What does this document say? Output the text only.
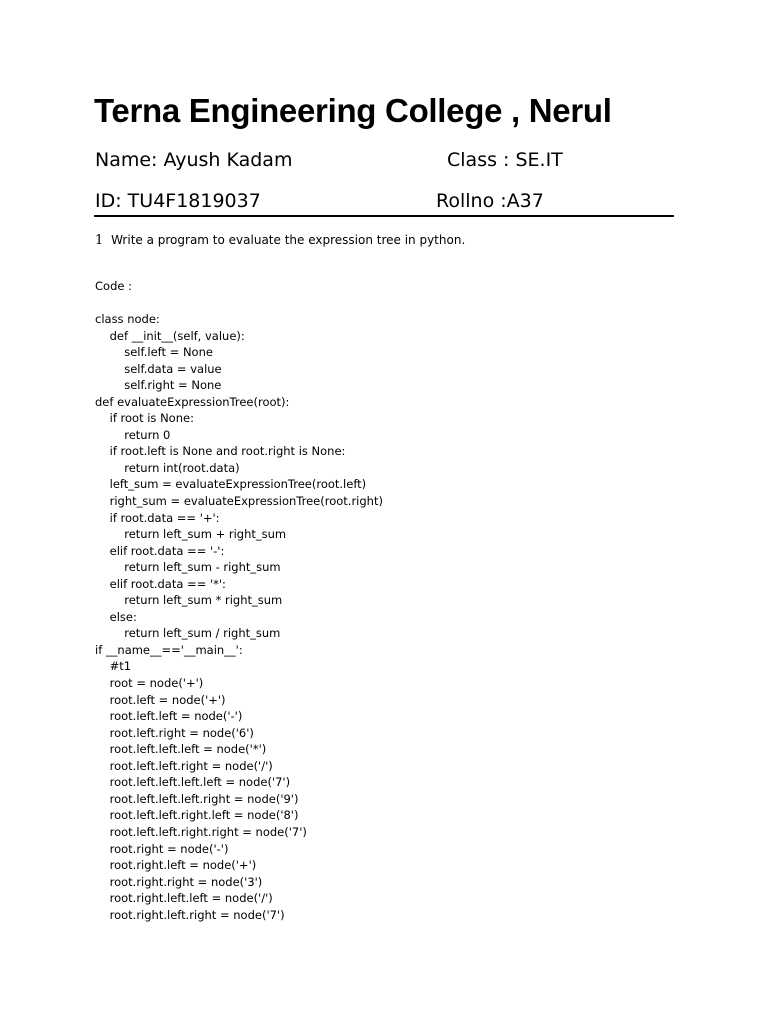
Terna Engineering College , Nerul
Name: Ayush Kadam	Class : SE.IT
ID: TU4F1819037	Rollno :A37
1 Write a program to evaluate the expression tree in python.
Code :
class node:
def __init__(self, value):
self.left = None
self.data = value
self.right = None
def evaluateExpressionTree(root):
if root is None:
return 0
if root.left is None and root.right is None:
return int(root.data)
left_sum = evaluateExpressionTree(root.left)
right_sum = evaluateExpressionTree(root.right)
if root.data == '+':
return left_sum + right_sum
elif root.data == '-':
return left_sum - right_sum
elif root.data == '*':
return left_sum * right_sum
else:
return left_sum / right_sum
if __name__=='__main__':
#t1
root = node('+')
root.left = node('+')
root.left.left = node('-')
root.left.right = node('6')
root.left.left.left = node('*')
root.left.left.right = node('/')
root.left.left.left.left = node('7')
root.left.left.left.right = node('9')
root.left.left.right.left = node('8')
root.left.left.right.right = node('7')
root.right = node('-')
root.right.left = node('+')
root.right.right = node('3')
root.right.left.left = node('/')
root.right.left.right = node('7')
